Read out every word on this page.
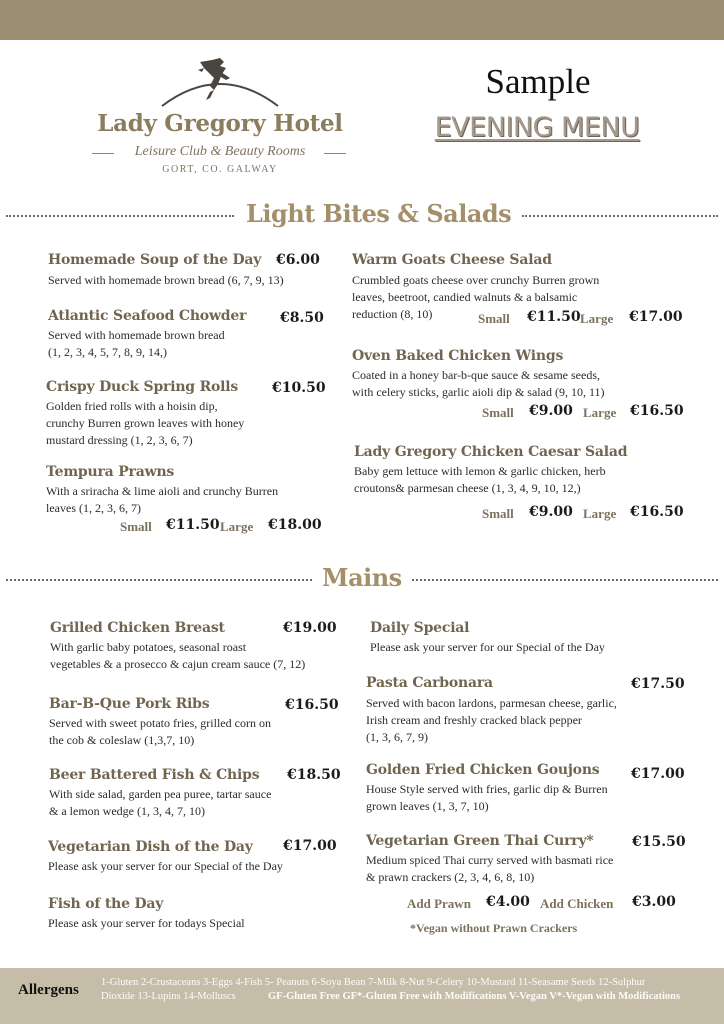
Lady Gregory Hotel
Leisure Club & Beauty Rooms
GORT, CO. GALWAY
Sample
EVENING MENU
Light Bites & Salads
Homemade Soup of the Day €6.00
Served with homemade brown bread (6, 7, 9, 13)
Atlantic Seafood Chowder €8.50
Served with homemade brown bread
(1, 2, 3, 4, 5, 7, 8, 9, 14,)
Crispy Duck Spring Rolls €10.50
Golden fried rolls with a hoisin dip,
crunchy Burren grown leaves with honey
mustard dressing (1, 2, 3, 6, 7)
Tempura Prawns
With a sriracha & lime aioli and crunchy Burren
leaves (1, 2, 3, 6, 7)
Small €11.50 Large €18.00
Warm Goats Cheese Salad
Crumbled goats cheese over crunchy Burren grown
leaves, beetroot, candied walnuts & a balsamic
reduction (8, 10)	Small €11.50 Large €17.00
Oven Baked Chicken Wings
Coated in a honey bar-b-que sauce & sesame seeds,
with celery sticks, garlic aioli dip & salad (9, 10, 11)
Small €9.00 Large €16.50
Lady Gregory Chicken Caesar Salad
Baby gem lettuce with lemon & garlic chicken, herb
croutons& parmesan cheese (1, 3, 4, 9, 10, 12,)
Small €9.00 Large €16.50
Mains
Grilled Chicken Breast	€19.00
With garlic baby potatoes, seasonal roast
vegetables & a prosecco & cajun cream sauce (7, 12)
Bar-B-Que Pork Ribs	€16.50
Served with sweet potato fries, grilled corn on
the cob & coleslaw (1,3,7, 10)
Beer Battered Fish & Chips €18.50
With side salad, garden pea puree, tartar sauce
& a lemon wedge (1, 3, 4, 7, 10)
Vegetarian Dish of the Day €17.00
Please ask your server for our Special of the Day
Fish of the Day
Please ask your server for todays Special
Daily Special
Please ask your server for our Special of the Day
Pasta Carbonara	€17.50
Served with bacon lardons, parmesan cheese, garlic,
Irish cream and freshly cracked black pepper
(1, 3, 6, 7, 9)
Golden Fried Chicken Goujons €17.00
House Style served with fries, garlic dip & Burren
grown leaves (1, 3, 7, 10)
Vegetarian Green Thai Curry*	€15.50
Medium spiced Thai curry served with basmati rice
& prawn crackers (2, 3, 4, 6, 8, 10)
Add Prawn €4.00 Add Chicken €3.00
*Vegan without Prawn Crackers
Allergens 1-Gluten 2-Crustaceans 3-Eggs 4-Fish 5- Peanuts 6-Soya Bean 7-Milk 8-Nut 9-Celery 10-Mustard 11-Seasame Seeds 12-Sulphur
Dioxide 13-Lupins 14-Molluscs	GF-Gluten Free GF*-Gluten Free with Modifications V-Vegan V*-Vegan with Modifications
